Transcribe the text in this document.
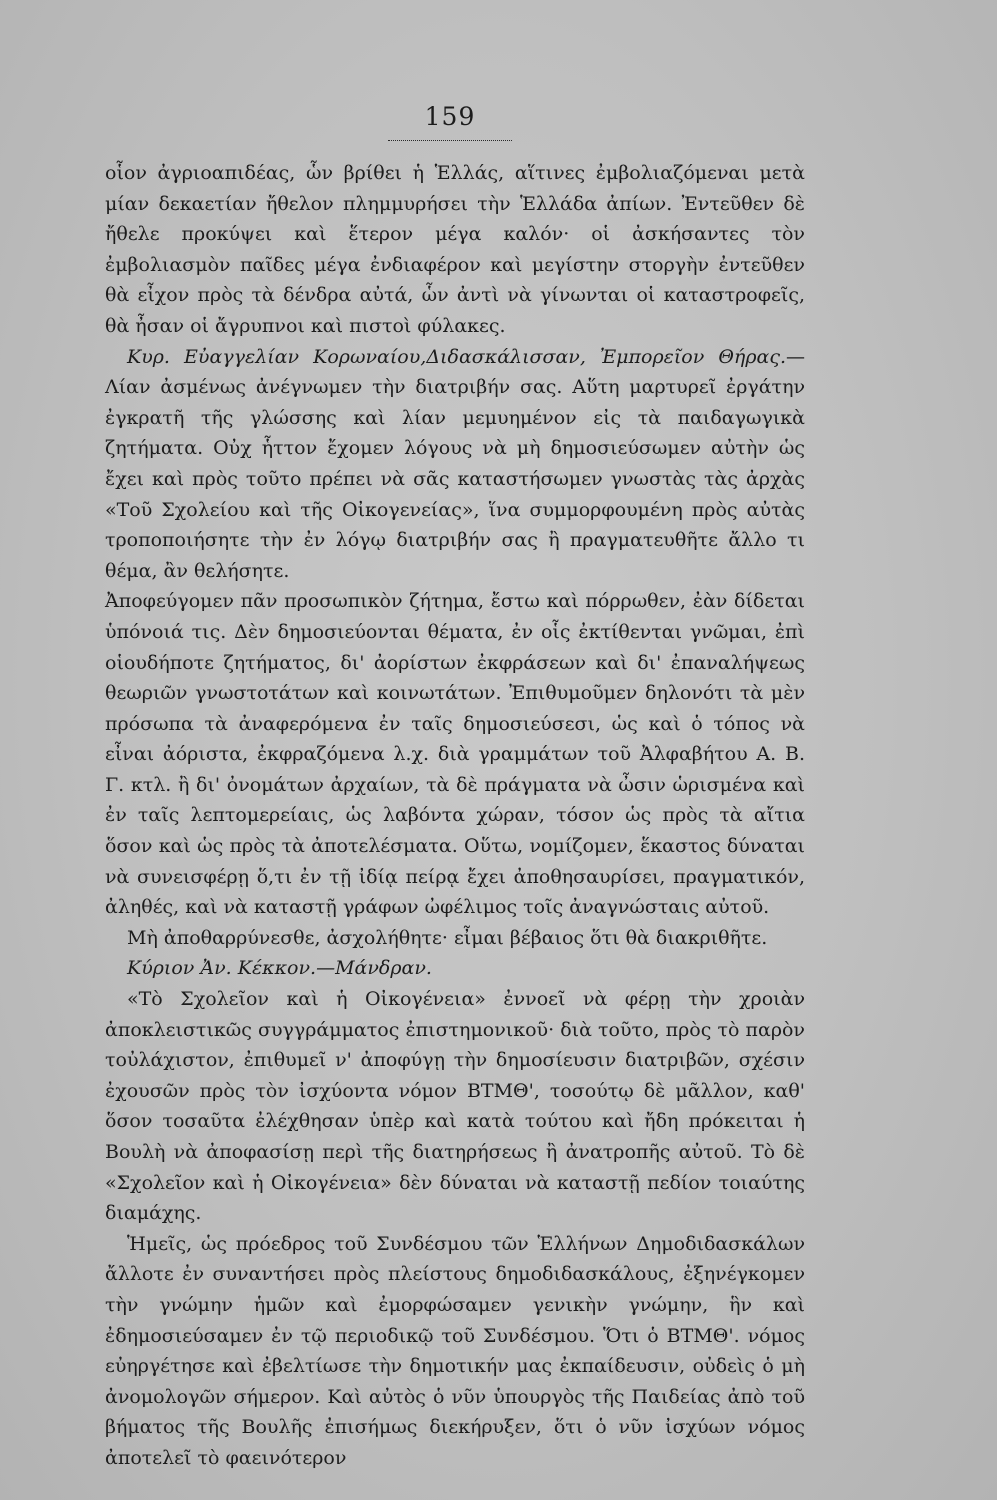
159

οἷον ἀγριοαπιδέας, ὧν βρίθει ἡ Ἑλλάς, αἵτινες ἐμβολιαζόμεναι μετὰ μίαν δεκαετίαν ἤθελον πλημμυρήσει τὴν Ἑλλάδα ἀπίων. Ἐντεῦθεν δὲ ἤθελε προκύψει καὶ ἕτερον μέγα καλόν· οἱ ἀσκήσαντες τὸν ἐμβολιασμὸν παῖδες μέγα ἐνδιαφέρον καὶ μεγίστην στοργὴν ἐντεῦθεν θὰ εἶχον πρὸς τὰ δένδρα αὐτά, ὧν ἀντὶ νὰ γίνωνται οἱ καταστροφεῖς, θὰ ἦσαν οἱ ἄγρυπνοι καὶ πιστοὶ φύλακες.

Κυρ. Εὐαγγελίαν Κορωναίου,Διδασκάλισσαν, Ἐμπορεῖον Θήρας.—Λίαν ἀσμένως ἀνέγνωμεν τὴν διατριβήν σας. Αὕτη μαρτυρεῖ ἐργάτην ἐγκρατῆ τῆς γλώσσης καὶ λίαν μεμυημένον εἰς τὰ παιδαγωγικὰ ζητήματα. Οὐχ ἧττον ἔχομεν λόγους νὰ μὴ δημοσιεύσωμεν αὐτὴν ὡς ἔχει καὶ πρὸς τοῦτο πρέπει νὰ σᾶς καταστήσωμεν γνωστὰς τὰς ἀρχὰς «Τοῦ Σχολείου καὶ τῆς Οἰκογενείας», ἵνα συμμορφουμένη πρὸς αὐτὰς τροποποιήσητε τὴν ἐν λόγῳ διατριβήν σας ἢ πραγματευθῆτε ἄλλο τι θέμα, ἂν θελήσητε.

Ἀποφεύγομεν πᾶν προσωπικὸν ζήτημα, ἔστω καὶ πόρρωθεν, ἐὰν δίδεται ὑπόνοιά τις. Δὲν δημοσιεύονται θέματα, ἐν οἷς ἐκτίθενται γνῶμαι, ἐπὶ οἱουδήποτε ζητήματος, δι' ἀορίστων ἐκφράσεων καὶ δι' ἐπαναλήψεως θεωριῶν γνωστοτάτων καὶ κοινωτάτων. Ἐπιθυμοῦμεν δηλονότι τὰ μὲν πρόσωπα τὰ ἀναφερόμενα ἐν ταῖς δημοσιεύσεσι, ὡς καὶ ὁ τόπος νὰ εἶναι ἀόριστα, ἐκφραζόμενα λ.χ. διὰ γραμμάτων τοῦ Ἀλφαβήτου Α. Β. Γ. κτλ. ἢ δι' ὀνομάτων ἀρχαίων, τὰ δὲ πράγματα νὰ ὦσιν ὡρισμένα καὶ ἐν ταῖς λεπτομερείαις, ὡς λαβόντα χώραν, τόσον ὡς πρὸς τὰ αἴτια ὅσον καὶ ὡς πρὸς τὰ ἀποτελέσματα. Οὕτω, νομίζομεν, ἕκαστος δύναται νὰ συνεισφέρῃ ὅ,τι ἐν τῇ ἰδίᾳ πείρᾳ ἔχει ἀποθησαυρίσει, πραγματικόν, ἀληθές, καὶ νὰ καταστῇ γράφων ὠφέλιμος τοῖς ἀναγνώσταις αὐτοῦ.

Μὴ ἀποθαρρύνεσθε, ἀσχολήθητε· εἶμαι βέβαιος ὅτι θὰ διακριθῆτε.

Κύριον Ἀν. Κέκκον.—Μάνδραν.

«Τὸ Σχολεῖον καὶ ἡ Οἰκογένεια» ἐννοεῖ νὰ φέρῃ τὴν χροιὰν ἀποκλειστικῶς συγγράμματος ἐπιστημονικοῦ· διὰ τοῦτο, πρὸς τὸ παρὸν τοὐλάχιστον, ἐπιθυμεῖ ν' ἀποφύγῃ τὴν δημοσίευσιν διατριβῶν, σχέσιν ἐχουσῶν πρὸς τὸν ἰσχύοντα νόμον ΒΤΜΘ', τοσούτῳ δὲ μᾶλλον, καθ' ὅσον τοσαῦτα ἐλέχθησαν ὑπὲρ καὶ κατὰ τούτου καὶ ἤδη πρόκειται ἡ Βουλὴ νὰ ἀποφασίσῃ περὶ τῆς διατηρήσεως ἢ ἀνατροπῆς αὐτοῦ. Τὸ δὲ «Σχολεῖον καὶ ἡ Οἰκογένεια» δὲν δύναται νὰ καταστῇ πεδίον τοιαύτης διαμάχης.

Ἡμεῖς, ὡς πρόεδρος τοῦ Συνδέσμου τῶν Ἑλλήνων Δημοδιδασκάλων ἄλλοτε ἐν συναντήσει πρὸς πλείστους δημοδιδασκάλους, ἐξηνέγκομεν τὴν γνώμην ἡμῶν καὶ ἐμορφώσαμεν γενικὴν γνώμην, ἣν καὶ ἐδημοσιεύσαμεν ἐν τῷ περιοδικῷ τοῦ Συνδέσμου. Ὅτι ὁ ΒΤΜΘ'. νόμος εὐηργέτησε καὶ ἐβελτίωσε τὴν δημοτικήν μας ἐκπαίδευσιν, οὐδεὶς ὁ μὴ ἀνομολογῶν σήμερον. Καὶ αὐτὸς ὁ νῦν ὑπουργὸς τῆς Παιδείας ἀπὸ τοῦ βήματος τῆς Βουλῆς ἐπισήμως διεκήρυξεν, ὅτι ὁ νῦν ἰσχύων νόμος ἀποτελεῖ τὸ φαεινότερον
